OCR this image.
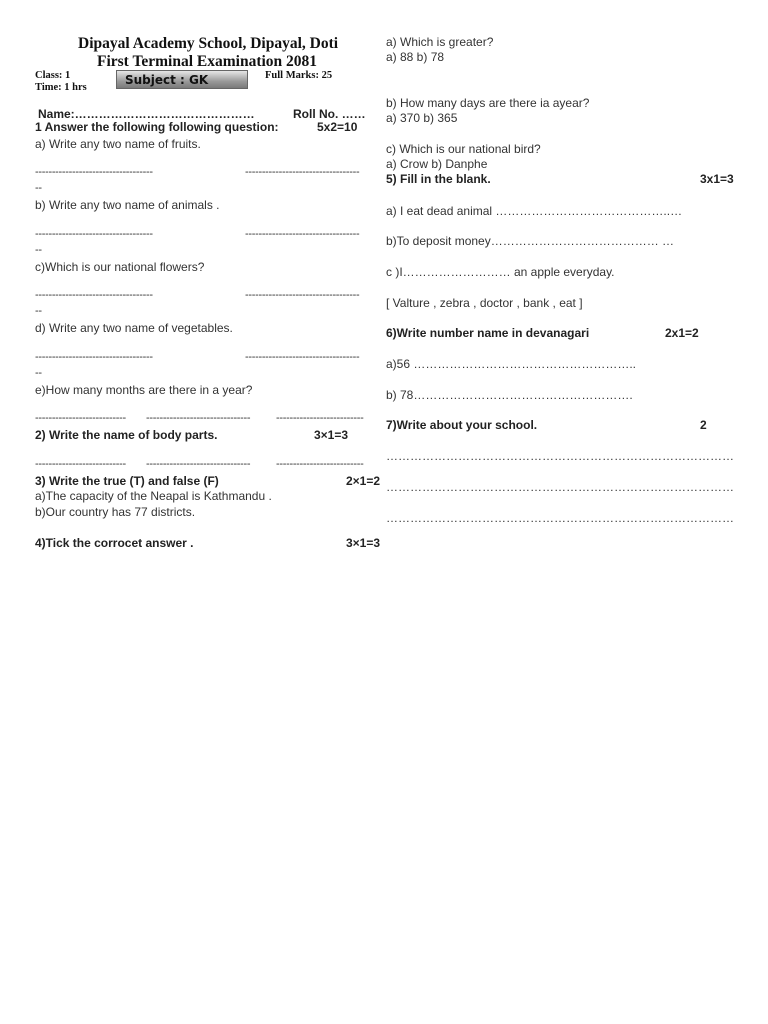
Dipayal Academy School, Dipayal, Doti
First Terminal Examination 2081
Class: 1
Time: 1 hrs
Subject : GK	Full Marks: 25
Name:………………………………………	Roll No. ……
1 Answer the following following question:	5x2=10
a) Write any two name of fruits.
-----------------------------------	----------------------------------
--
b) Write any two name of animals .
-----------------------------------	----------------------------------
--
c)Which is our national flowers?
-----------------------------------	----------------------------------
--
d) Write any two name of vegetables.
-----------------------------------	----------------------------------
--
e)How many months are there in a year?
---------------------------	-------------------------------	--------------------------
2) Write the name of body parts.	3×1=3
---------------------------	-------------------------------	--------------------------
3) Write the true (T) and false (F)	2×1=2
a)The capacity of the Neapal is Kathmandu .
b)Our country has 77 districts.
4)Tick the corrocet answer .	3×1=3
a) Which is greater?
a) 88 b) 78
b) How many days are there ia ayear?
a) 370 b) 365
c) Which is our national bird?
a) Crow b) Danphe
5) Fill in the blank.	3x1=3
a) I eat dead animal ……………………………………..…
b)To deposit money…………………………………… …
c )I……………………… an apple everyday.
[ Valture , zebra , doctor , bank , eat ]
6)Write number name in devanagari	2x1=2
a)56 ………………………………………………..
b) 78……………………………………………….
7)Write about your school.	2
……………………………………………………………………………
……………………………………………………………………………
……………………………………………………………………………
